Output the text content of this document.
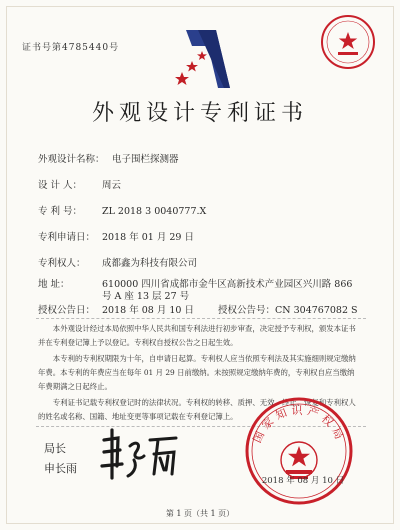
证书号第4785440号
外观设计专利证书
外观设计名称： 电子围栏探测器
设 计 人： 周云
专 利 号： ZL 2018 3 0040777.X
专利申请日： 2018 年 01 月 29 日
专利权人： 成都鑫为科技有限公司
地 址：	610000 四川省成都市金牛区高新技术产业园区兴川路 866
号 A 座 13 层 27 号
授权公告日： 2018 年 08 月 10 日	授权公告号：CN 304767082 S

本外观设计经过本局依照中华人民共和国专利法进行初步审查，决定授予专利权，颁发本证书并在专利登记簿上予以登记。专利权自授权公告之日起生效。

本专利的专利权期限为十年，自申请日起算。专利权人应当依照专利法及其实施细则规定缴纳年费。本专利的年费应当在每年 01 月 29 日前缴纳。未按照规定缴纳年费的，专利权自应当缴纳年费期满之日起终止。

专利证书记载专利权登记时的法律状况。专利权的转移、质押、无效、终止、恢复和专利权人的姓名或名称、国籍、地址变更等事项记载在专利登记簿上。

局长
申长雨
国家知识产权局
2018 年 08 月 10 日
第 1 页（共 1 页）
